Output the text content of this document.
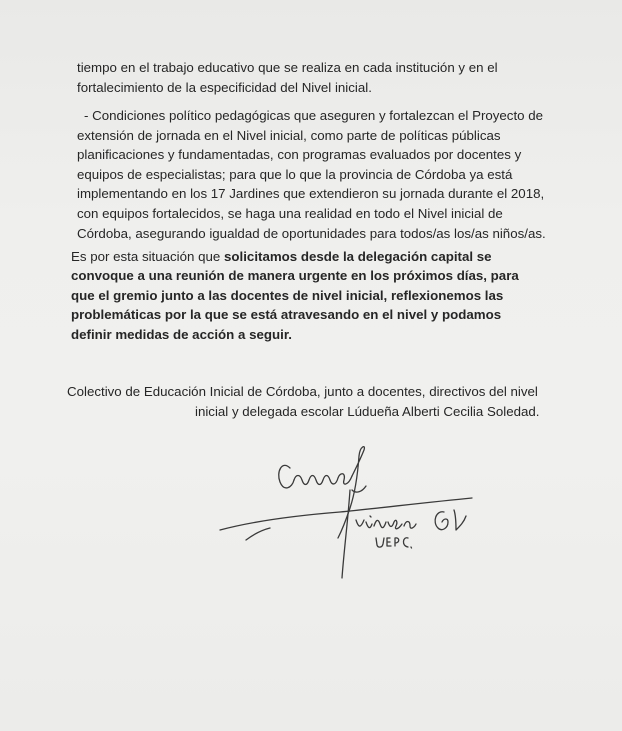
tiempo en el trabajo educativo que se realiza en cada institución y en el
fortalecimiento de la especificidad del Nivel inicial.
- Condiciones político pedagógicas que aseguren y fortalezcan el Proyecto de
extensión de jornada en el Nivel inicial, como parte de políticas públicas
planificaciones y fundamentadas, con programas evaluados por docentes y
equipos de especialistas; para que lo que la provincia de Córdoba ya está
implementando en los 17 Jardines que extendieron su jornada durante el 2018,
con equipos fortalecidos, se haga una realidad en todo el Nivel inicial de
Córdoba, asegurando igualdad de oportunidades para todos/as los/as niños/as.
Es por esta situación que solicitamos desde la delegación capital se
convoque a una reunión de manera urgente en los próximos días, para
que el gremio junto a las docentes de nivel inicial, reflexionemos las
problemáticas por la que se está atravesando en el nivel y podamos
definir medidas de acción a seguir.
Colectivo de Educación Inicial de Córdoba, junto a docentes, directivos del nivel
inicial y delegada escolar Lúdueña Alberti Cecilia Soledad.
